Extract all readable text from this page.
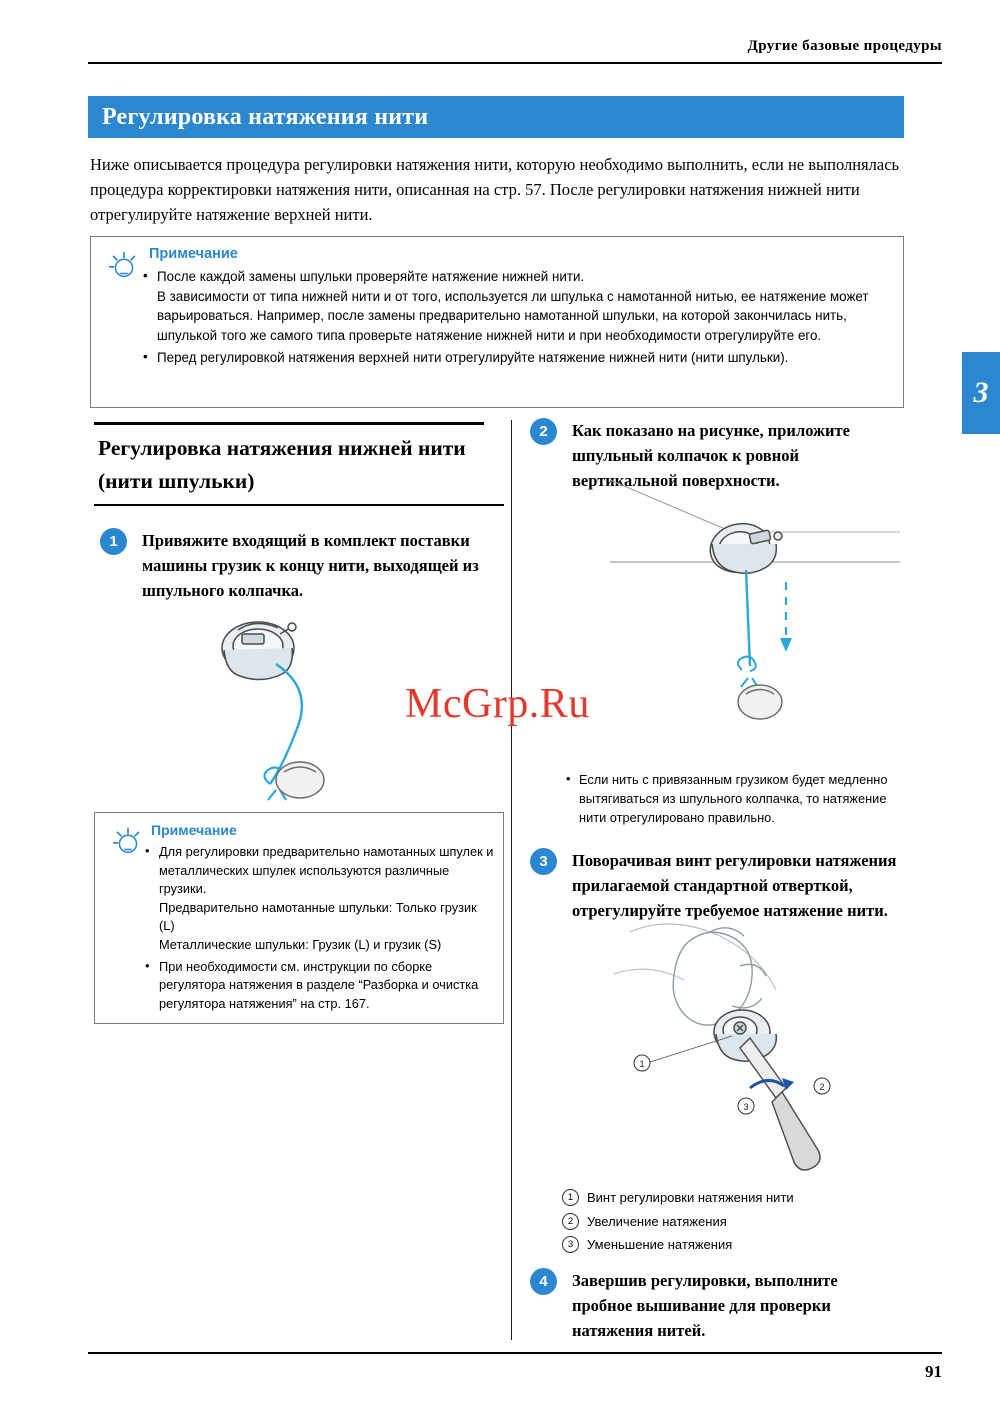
Другие базовые процедуры
3
Регулировка натяжения нити
Ниже описывается процедура регулировки натяжения нити, которую необходимо выполнить, если не выполнялась процедура корректировки натяжения нити, описанная на стр. 57. После регулировки натяжения нижней нити отрегулируйте натяжение верхней нити.
Примечание
• После каждой замены шпульки проверяйте натяжение нижней нити.
В зависимости от типа нижней нити и от того, используется ли шпулька с намотанной нитью, ее натяжение может варьироваться. Например, после замены предварительно намотанной шпульки, на которой закончилась нить, шпулькой того же самого типа проверьте натяжение нижней нити и при необходимости отрегулируйте его.
• Перед регулировкой натяжения верхней нити отрегулируйте натяжение нижней нити (нити шпульки).
Регулировка натяжения нижней нити (нити шпульки)
1	Привяжите входящий в комплект поставки машины грузик к концу нити, выходящей из шпульного колпачка.
McGrp.Ru
Примечание
• Для регулировки предварительно намотанных шпулек и металлических шпулек используются различные грузики.
Предварительно намотанные шпульки: Только грузик (L)
Металлические шпульки: Грузик (L) и грузик (S)
• При необходимости см. инструкции по сборке регулятора натяжения в разделе “Разборка и очистка регулятора натяжения” на стр. 167.
2	Как показано на рисунке, приложите шпульный колпачок к ровной вертикальной поверхности.
• Если нить с привязанным грузиком будет медленно вытягиваться из шпульного колпачка, то натяжение нити отрегулировано правильно.
3	Поворачивая винт регулировки натяжения прилагаемой стандартной отверткой, отрегулируйте требуемое натяжение нити.
1
2
3
1	Винт регулировки натяжения нити
2	Увеличение натяжения
3	Уменьшение натяжения
4	Завершив регулировки, выполните пробное вышивание для проверки натяжения нитей.
91
